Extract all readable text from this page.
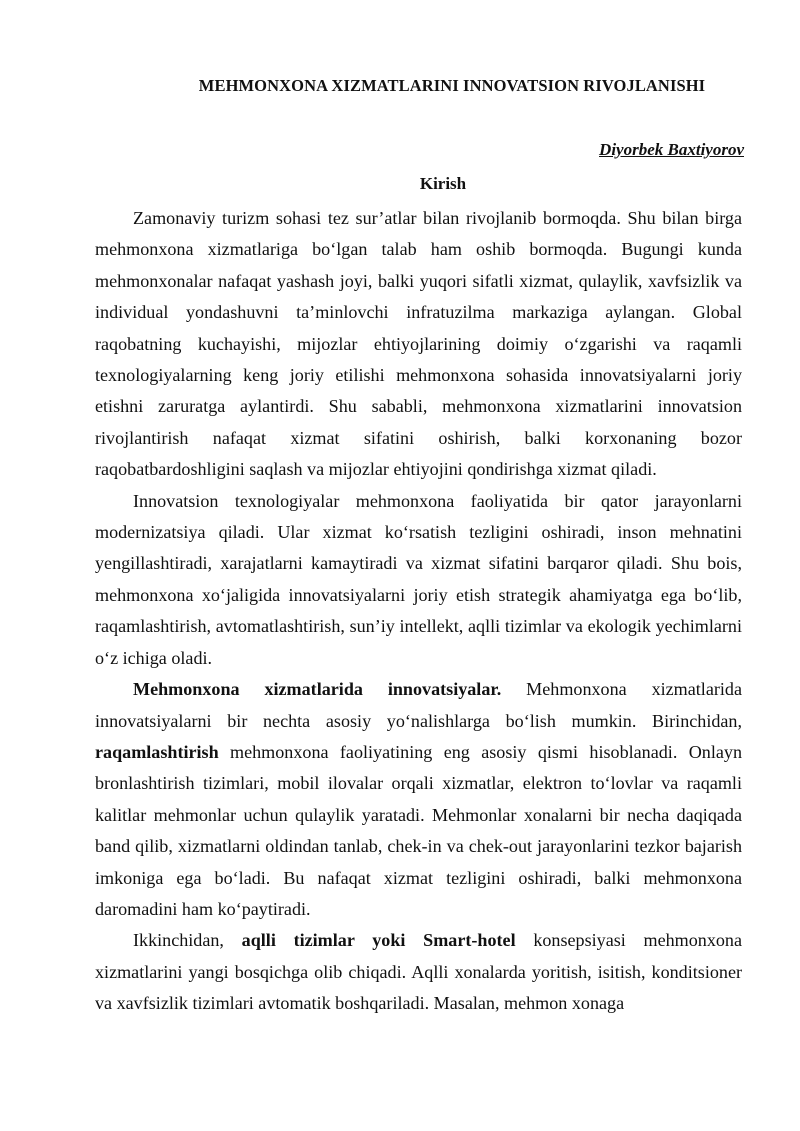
MEHMONXONA XIZMATLARINI INNOVATSION RIVOJLANISHI
Diyorbek Baxtiyorov
Kirish

Zamonaviy turizm sohasi tez sur’atlar bilan rivojlanib bormoqda. Shu bilan birga mehmonxona xizmatlariga bo‘lgan talab ham oshib bormoqda. Bugungi kunda mehmonxonalar nafaqat yashash joyi, balki yuqori sifatli xizmat, qulaylik, xavfsizlik va individual yondashuvni ta’minlovchi infratuzilma markaziga aylangan. Global raqobatning kuchayishi, mijozlar ehtiyojlarining doimiy o‘zgarishi va raqamli texnologiyalarning keng joriy etilishi mehmonxona sohasida innovatsiyalarni joriy etishni zaruratga aylantirdi. Shu sababli, mehmonxona xizmatlarini innovatsion rivojlantirish nafaqat xizmat sifatini oshirish, balki korxonaning bozor raqobatbardoshligini saqlash va mijozlar ehtiyojini qondirishga xizmat qiladi.

Innovatsion texnologiyalar mehmonxona faoliyatida bir qator jarayonlarni modernizatsiya qiladi. Ular xizmat ko‘rsatish tezligini oshiradi, inson mehnatini yengillashtiradi, xarajatlarni kamaytiradi va xizmat sifatini barqaror qiladi. Shu bois, mehmonxona xo‘jaligida innovatsiyalarni joriy etish strategik ahamiyatga ega bo‘lib, raqamlashtirish, avtomatlashtirish, sun’iy intellekt, aqlli tizimlar va ekologik yechimlarni o‘z ichiga oladi.

Mehmonxona xizmatlarida innovatsiyalar. Mehmonxona xizmatlarida innovatsiyalarni bir nechta asosiy yo‘nalishlarga bo‘lish mumkin. Birinchidan, raqamlashtirish mehmonxona faoliyatining eng asosiy qismi hisoblanadi. Onlayn bronlashtirish tizimlari, mobil ilovalar orqali xizmatlar, elektron to‘lovlar va raqamli kalitlar mehmonlar uchun qulaylik yaratadi. Mehmonlar xonalarni bir necha daqiqada band qilib, xizmatlarni oldindan tanlab, chek-in va chek-out jarayonlarini tezkor bajarish imkoniga ega bo‘ladi. Bu nafaqat xizmat tezligini oshiradi, balki mehmonxona daromadini ham ko‘paytiradi.

Ikkinchidan, aqlli tizimlar yoki Smart-hotel konsepsiyasi mehmonxona xizmatlarini yangi bosqichga olib chiqadi. Aqlli xonalarda yoritish, isitish, konditsioner va xavfsizlik tizimlari avtomatik boshqariladi. Masalan, mehmon xonaga
